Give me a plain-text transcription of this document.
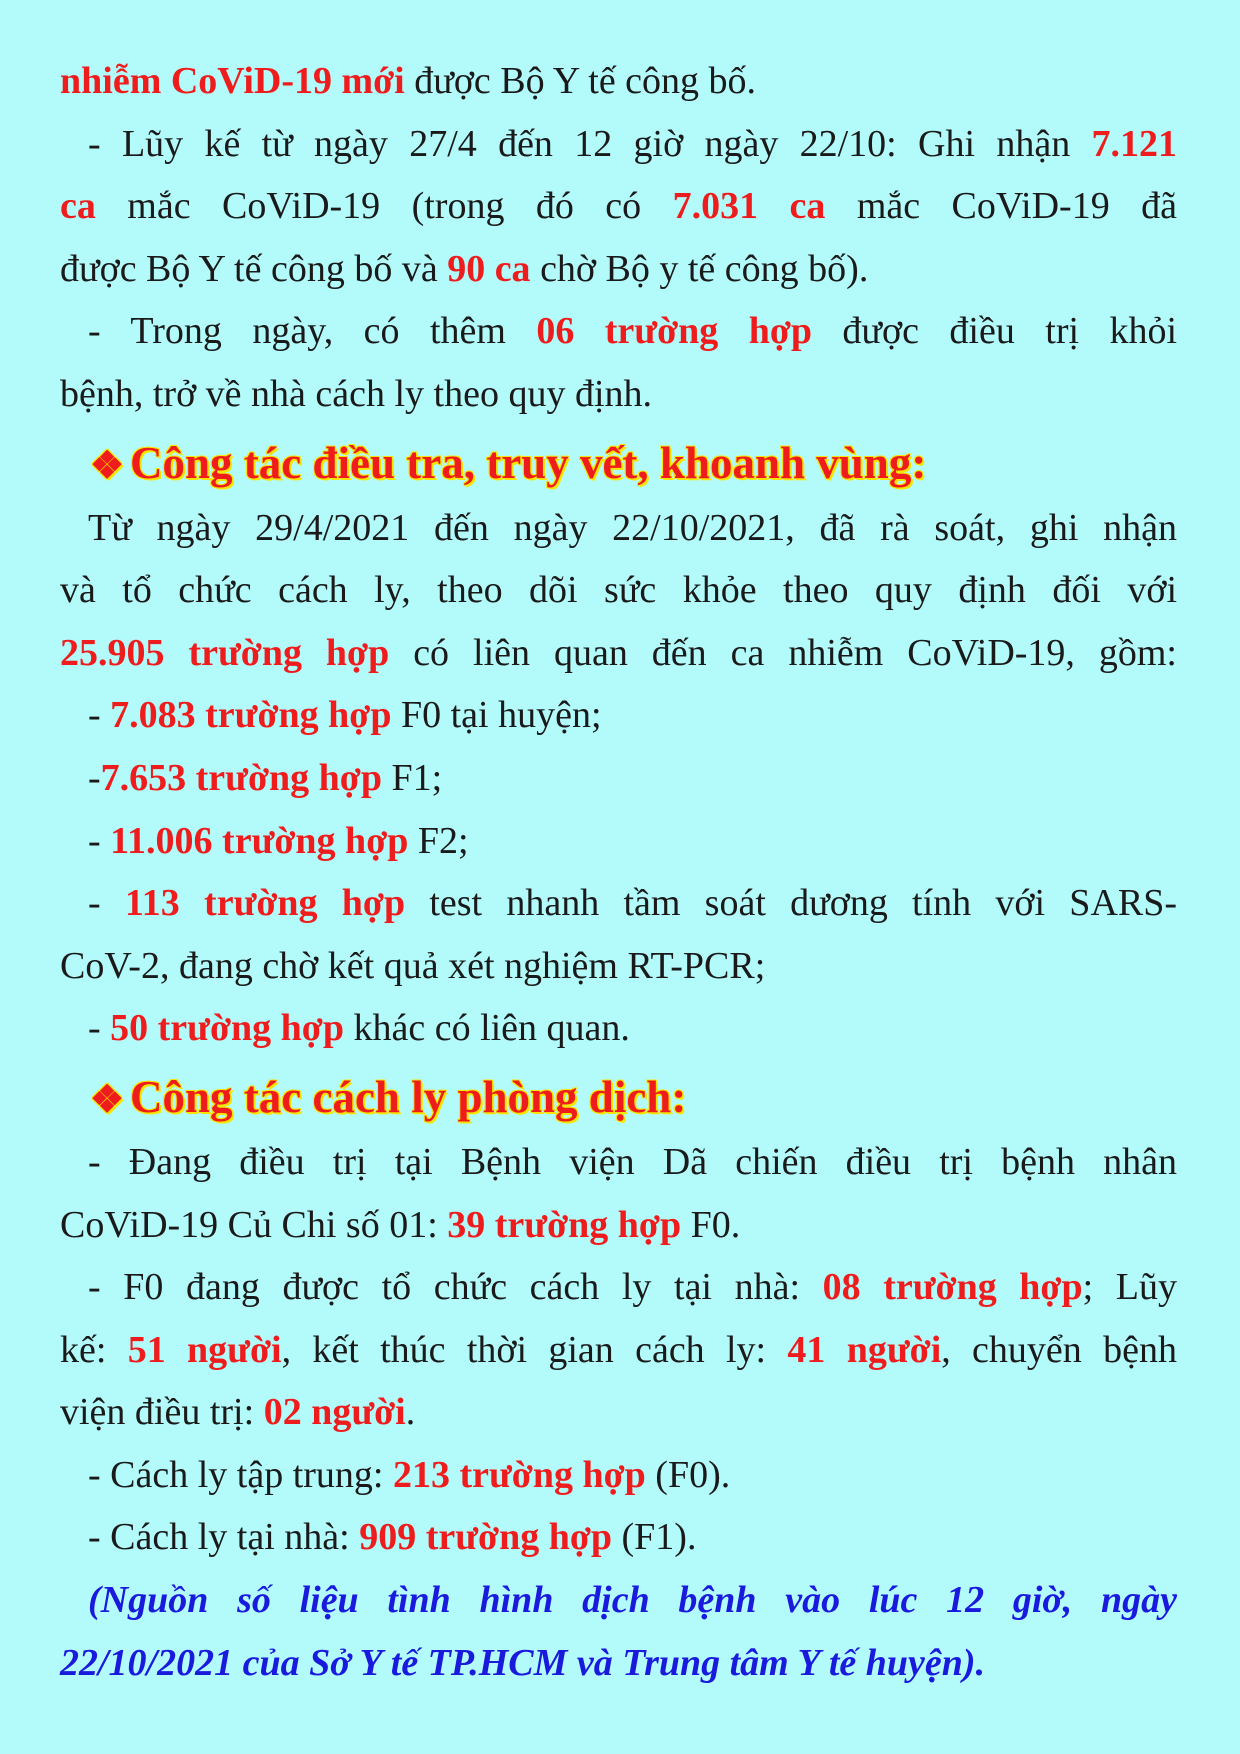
nhiễm CoViD-19 mới được Bộ Y tế công bố.

- Lũy kế từ ngày 27/4 đến 12 giờ ngày 22/10: Ghi nhận 7.121

ca mắc CoViD-19 (trong đó có 7.031 ca mắc CoViD-19 đã

được Bộ Y tế công bố và 90 ca chờ Bộ y tế công bố).

- Trong ngày, có thêm 06 trường hợp được điều trị khỏi

bệnh, trở về nhà cách ly theo quy định.

❖ Công tác điều tra, truy vết, khoanh vùng:

Từ ngày 29/4/2021 đến ngày 22/10/2021, đã rà soát, ghi nhận

và tổ chức cách ly, theo dõi sức khỏe theo quy định đối với

25.905 trường hợp có liên quan đến ca nhiễm CoViD-19, gồm:

- 7.083 trường hợp F0 tại huyện;

-7.653 trường hợp F1;

- 11.006 trường hợp F2;

- 113 trường hợp test nhanh tầm soát dương tính với SARS-

CoV-2, đang chờ kết quả xét nghiệm RT-PCR;

- 50 trường hợp khác có liên quan.

❖ Công tác cách ly phòng dịch:

- Đang điều trị tại Bệnh viện Dã chiến điều trị bệnh nhân

CoViD-19 Củ Chi số 01: 39 trường hợp F0.

- F0 đang được tổ chức cách ly tại nhà: 08 trường hợp; Lũy

kế: 51 người, kết thúc thời gian cách ly: 41 người, chuyển bệnh

viện điều trị: 02 người.

- Cách ly tập trung: 213 trường hợp (F0).

- Cách ly tại nhà: 909 trường hợp (F1).

(Nguồn số liệu tình hình dịch bệnh vào lúc 12 giờ, ngày

22/10/2021 của Sở Y tế TP.HCM và Trung tâm Y tế huyện).
